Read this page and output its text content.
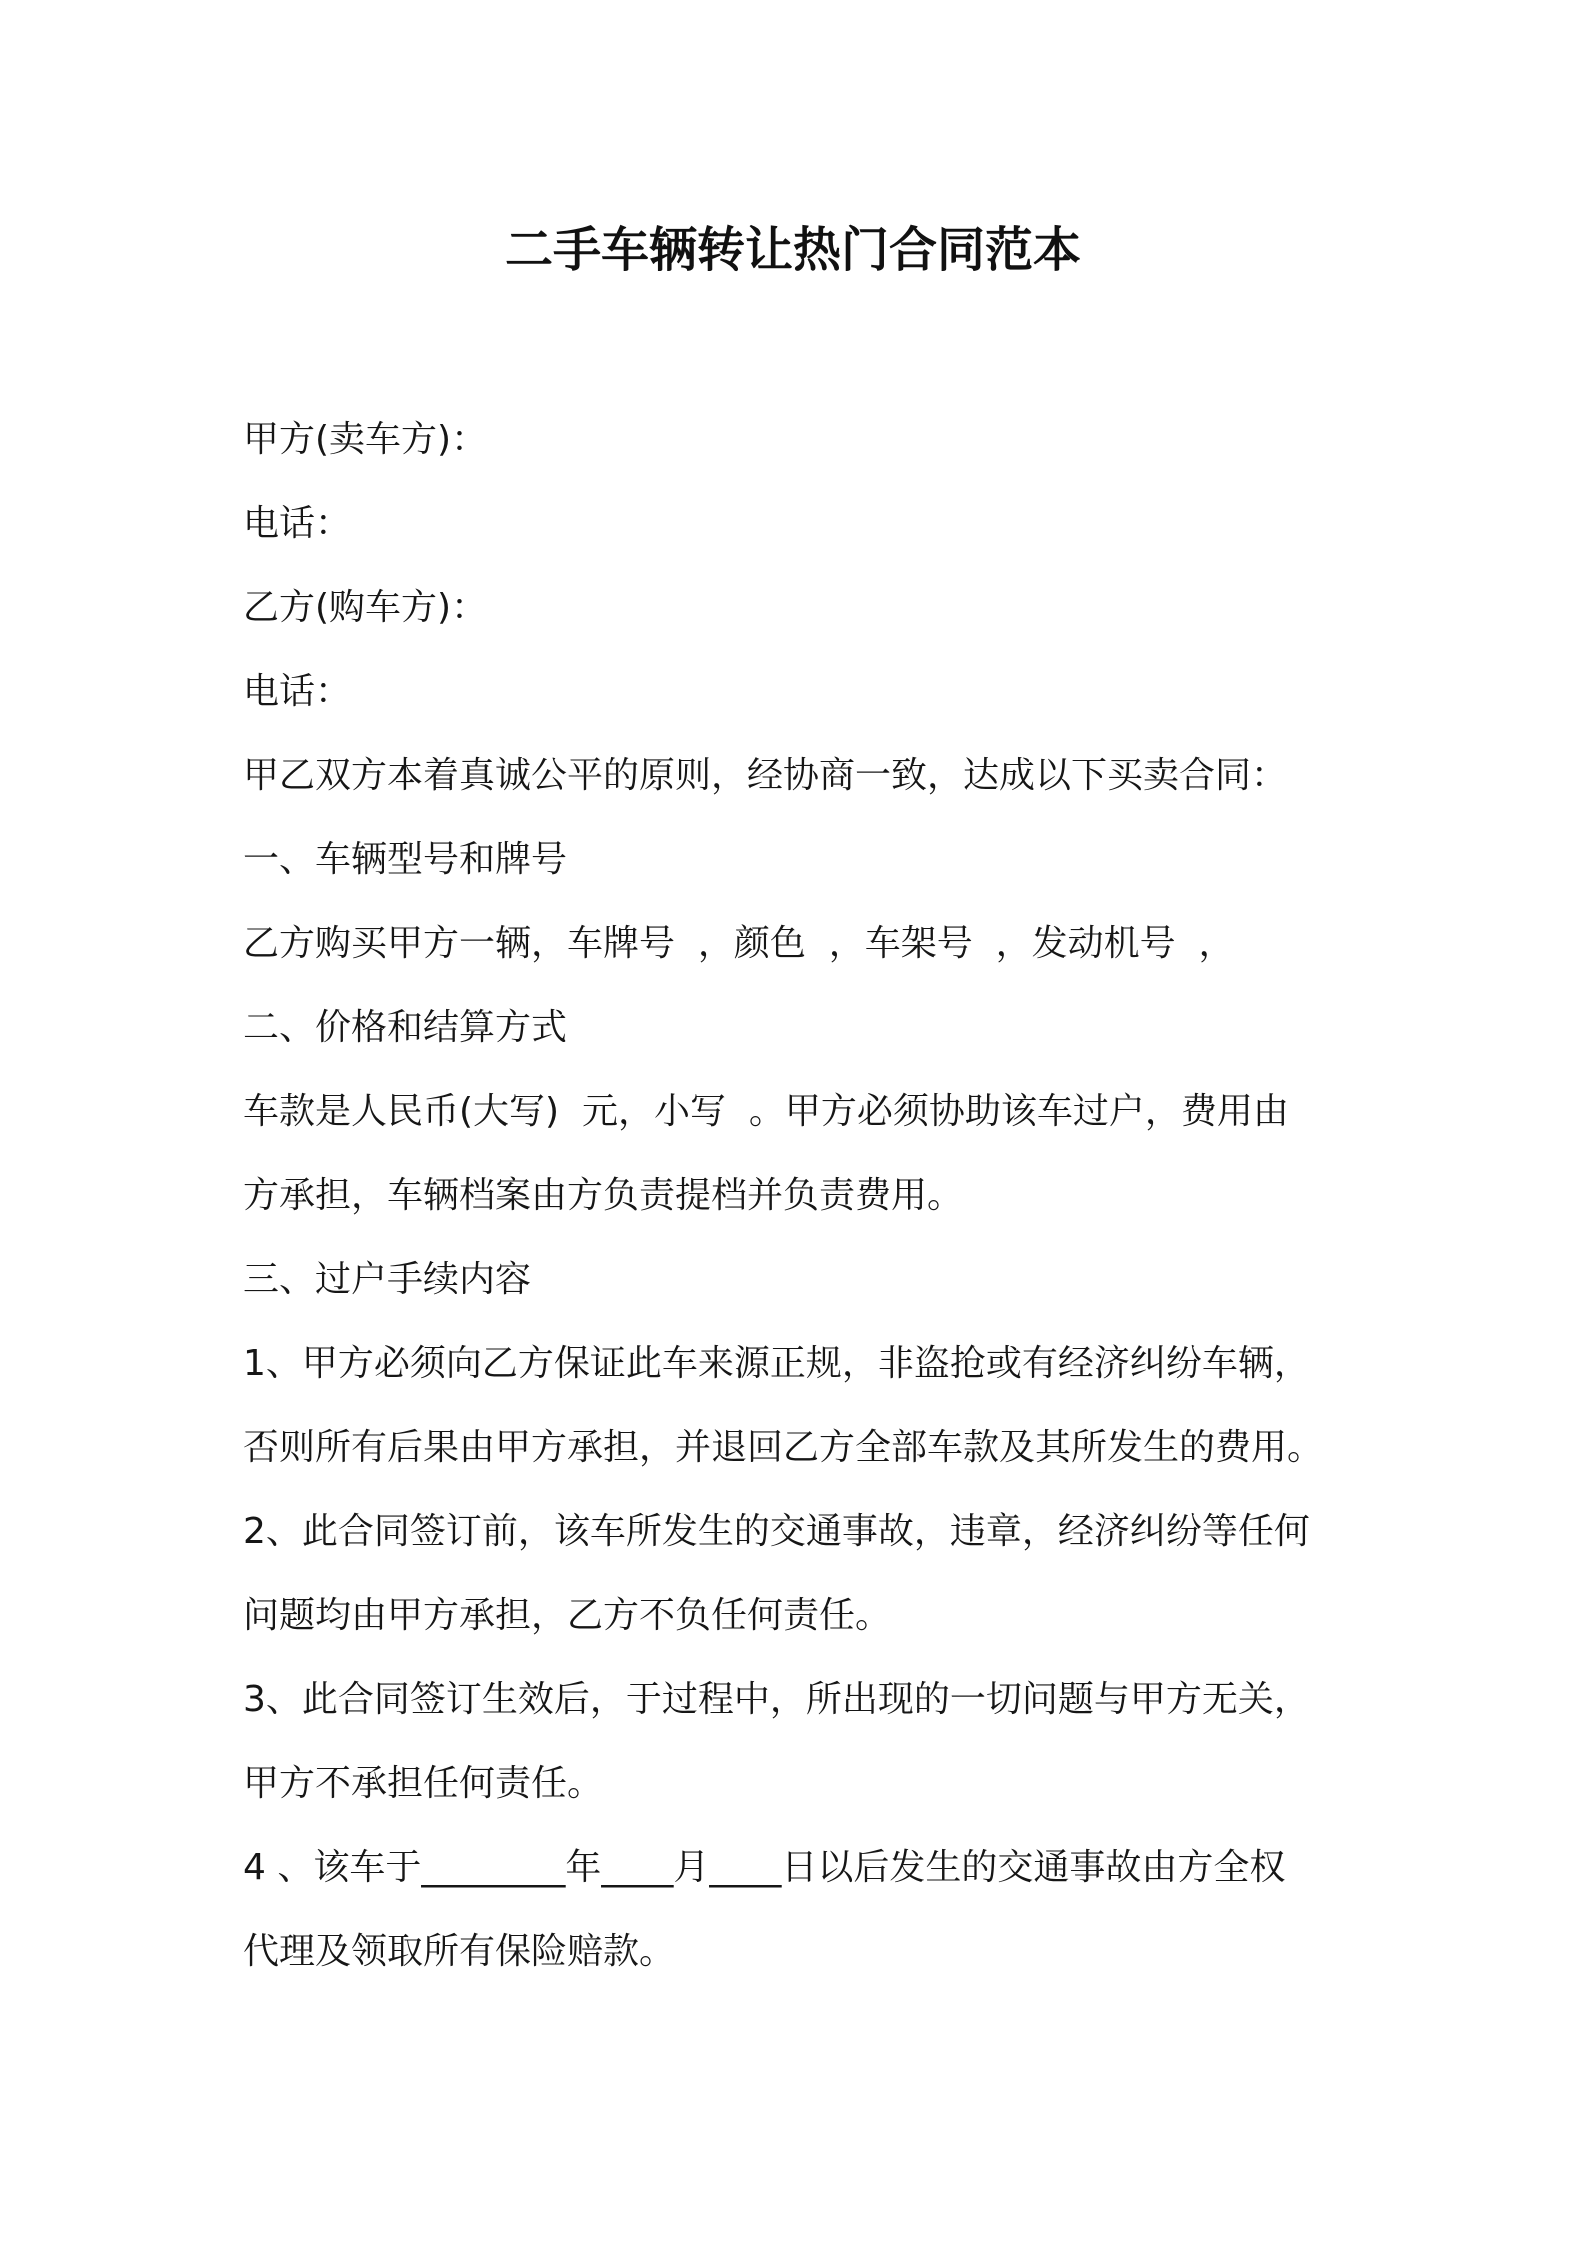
二手车辆转让热门合同范本
甲方(卖车方)：
电话：
乙方(购车方)：
电话：
甲乙双方本着真诚公平的原则，经协商一致，达成以下买卖合同：
一、车辆型号和牌号
乙方购买甲方一辆，车牌号  ，颜色  ，车架号  ，发动机号  ，
二、价格和结算方式
车款是人民币(大写)  元，小写  。甲方必须协助该车过户，费用由
方承担，车辆档案由方负责提档并负责费用。
三、过户手续内容
1、甲方必须向乙方保证此车来源正规，非盗抢或有经济纠纷车辆，
否则所有后果由甲方承担，并退回乙方全部车款及其所发生的费用。
2、此合同签订前，该车所发生的交通事故，违章，经济纠纷等任何
问题均由甲方承担，乙方不负任何责任。
3、此合同签订生效后，于过程中，所出现的一切问题与甲方无关，
甲方不承担任何责任。
4 、该车于________年____月____日以后发生的交通事故由方全权
代理及领取所有保险赔款。
